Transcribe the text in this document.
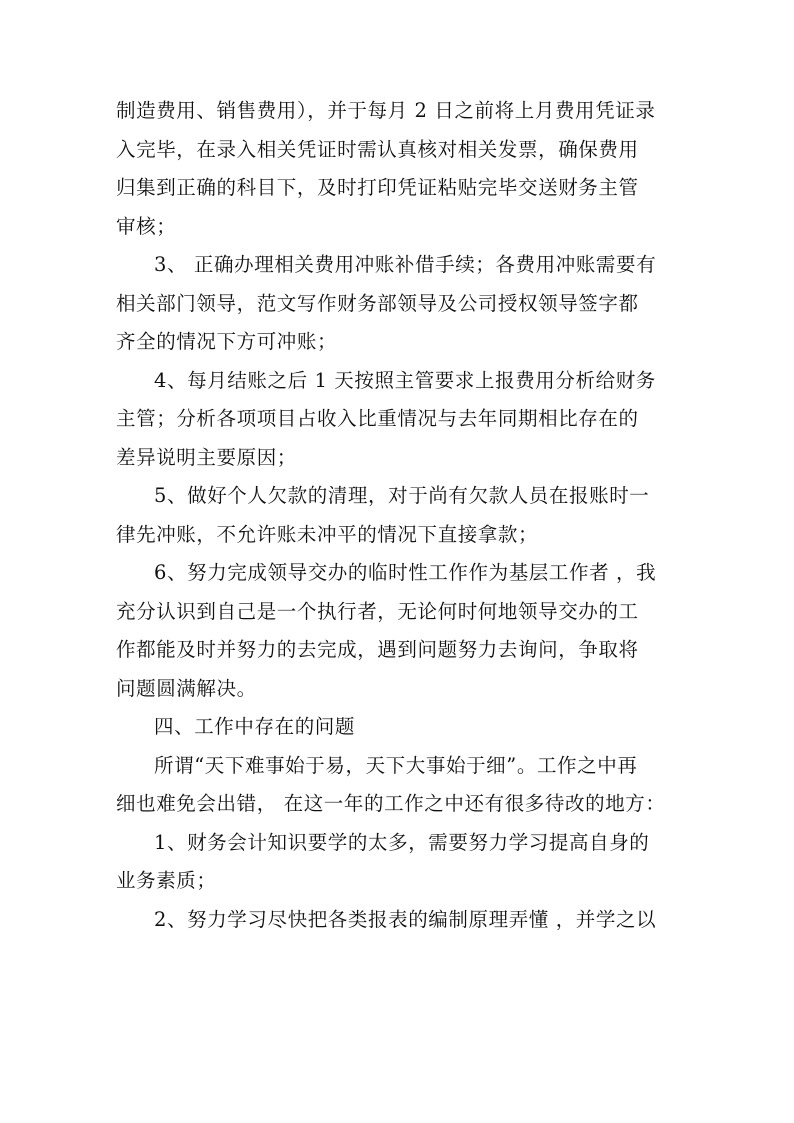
制造费用、销售费用），并于每月 2 日之前将上月费用凭证录
入完毕，在录入相关凭证时需认真核对相关发票，确保费用
归集到正确的科目下，及时打印凭证粘贴完毕交送财务主管
审核；
3、 正确办理相关费用冲账补借手续；各费用冲账需要有
相关部门领导，范文写作财务部领导及公司授权领导签字都
齐全的情况下方可冲账；
4、每月结账之后 1 天按照主管要求上报费用分析给财务
主管；分析各项项目占收入比重情况与去年同期相比存在的
差异说明主要原因；
5、做好个人欠款的清理，对于尚有欠款人员在报账时一
律先冲账，不允许账未冲平的情况下直接拿款；
6、努力完成领导交办的临时性工作作为基层工作者 ，我
充分认识到自己是一个执行者，无论何时何地领导交办的工
作都能及时并努力的去完成，遇到问题努力去询问，争取将
问题圆满解决。
四、工作中存在的问题
所谓“天下难事始于易，天下大事始于细”。工作之中再
细也难免会出错， 在这一年的工作之中还有很多待改的地方：
1、财务会计知识要学的太多，需要努力学习提高自身的
业务素质；
2、努力学习尽快把各类报表的编制原理弄懂 ，并学之以
